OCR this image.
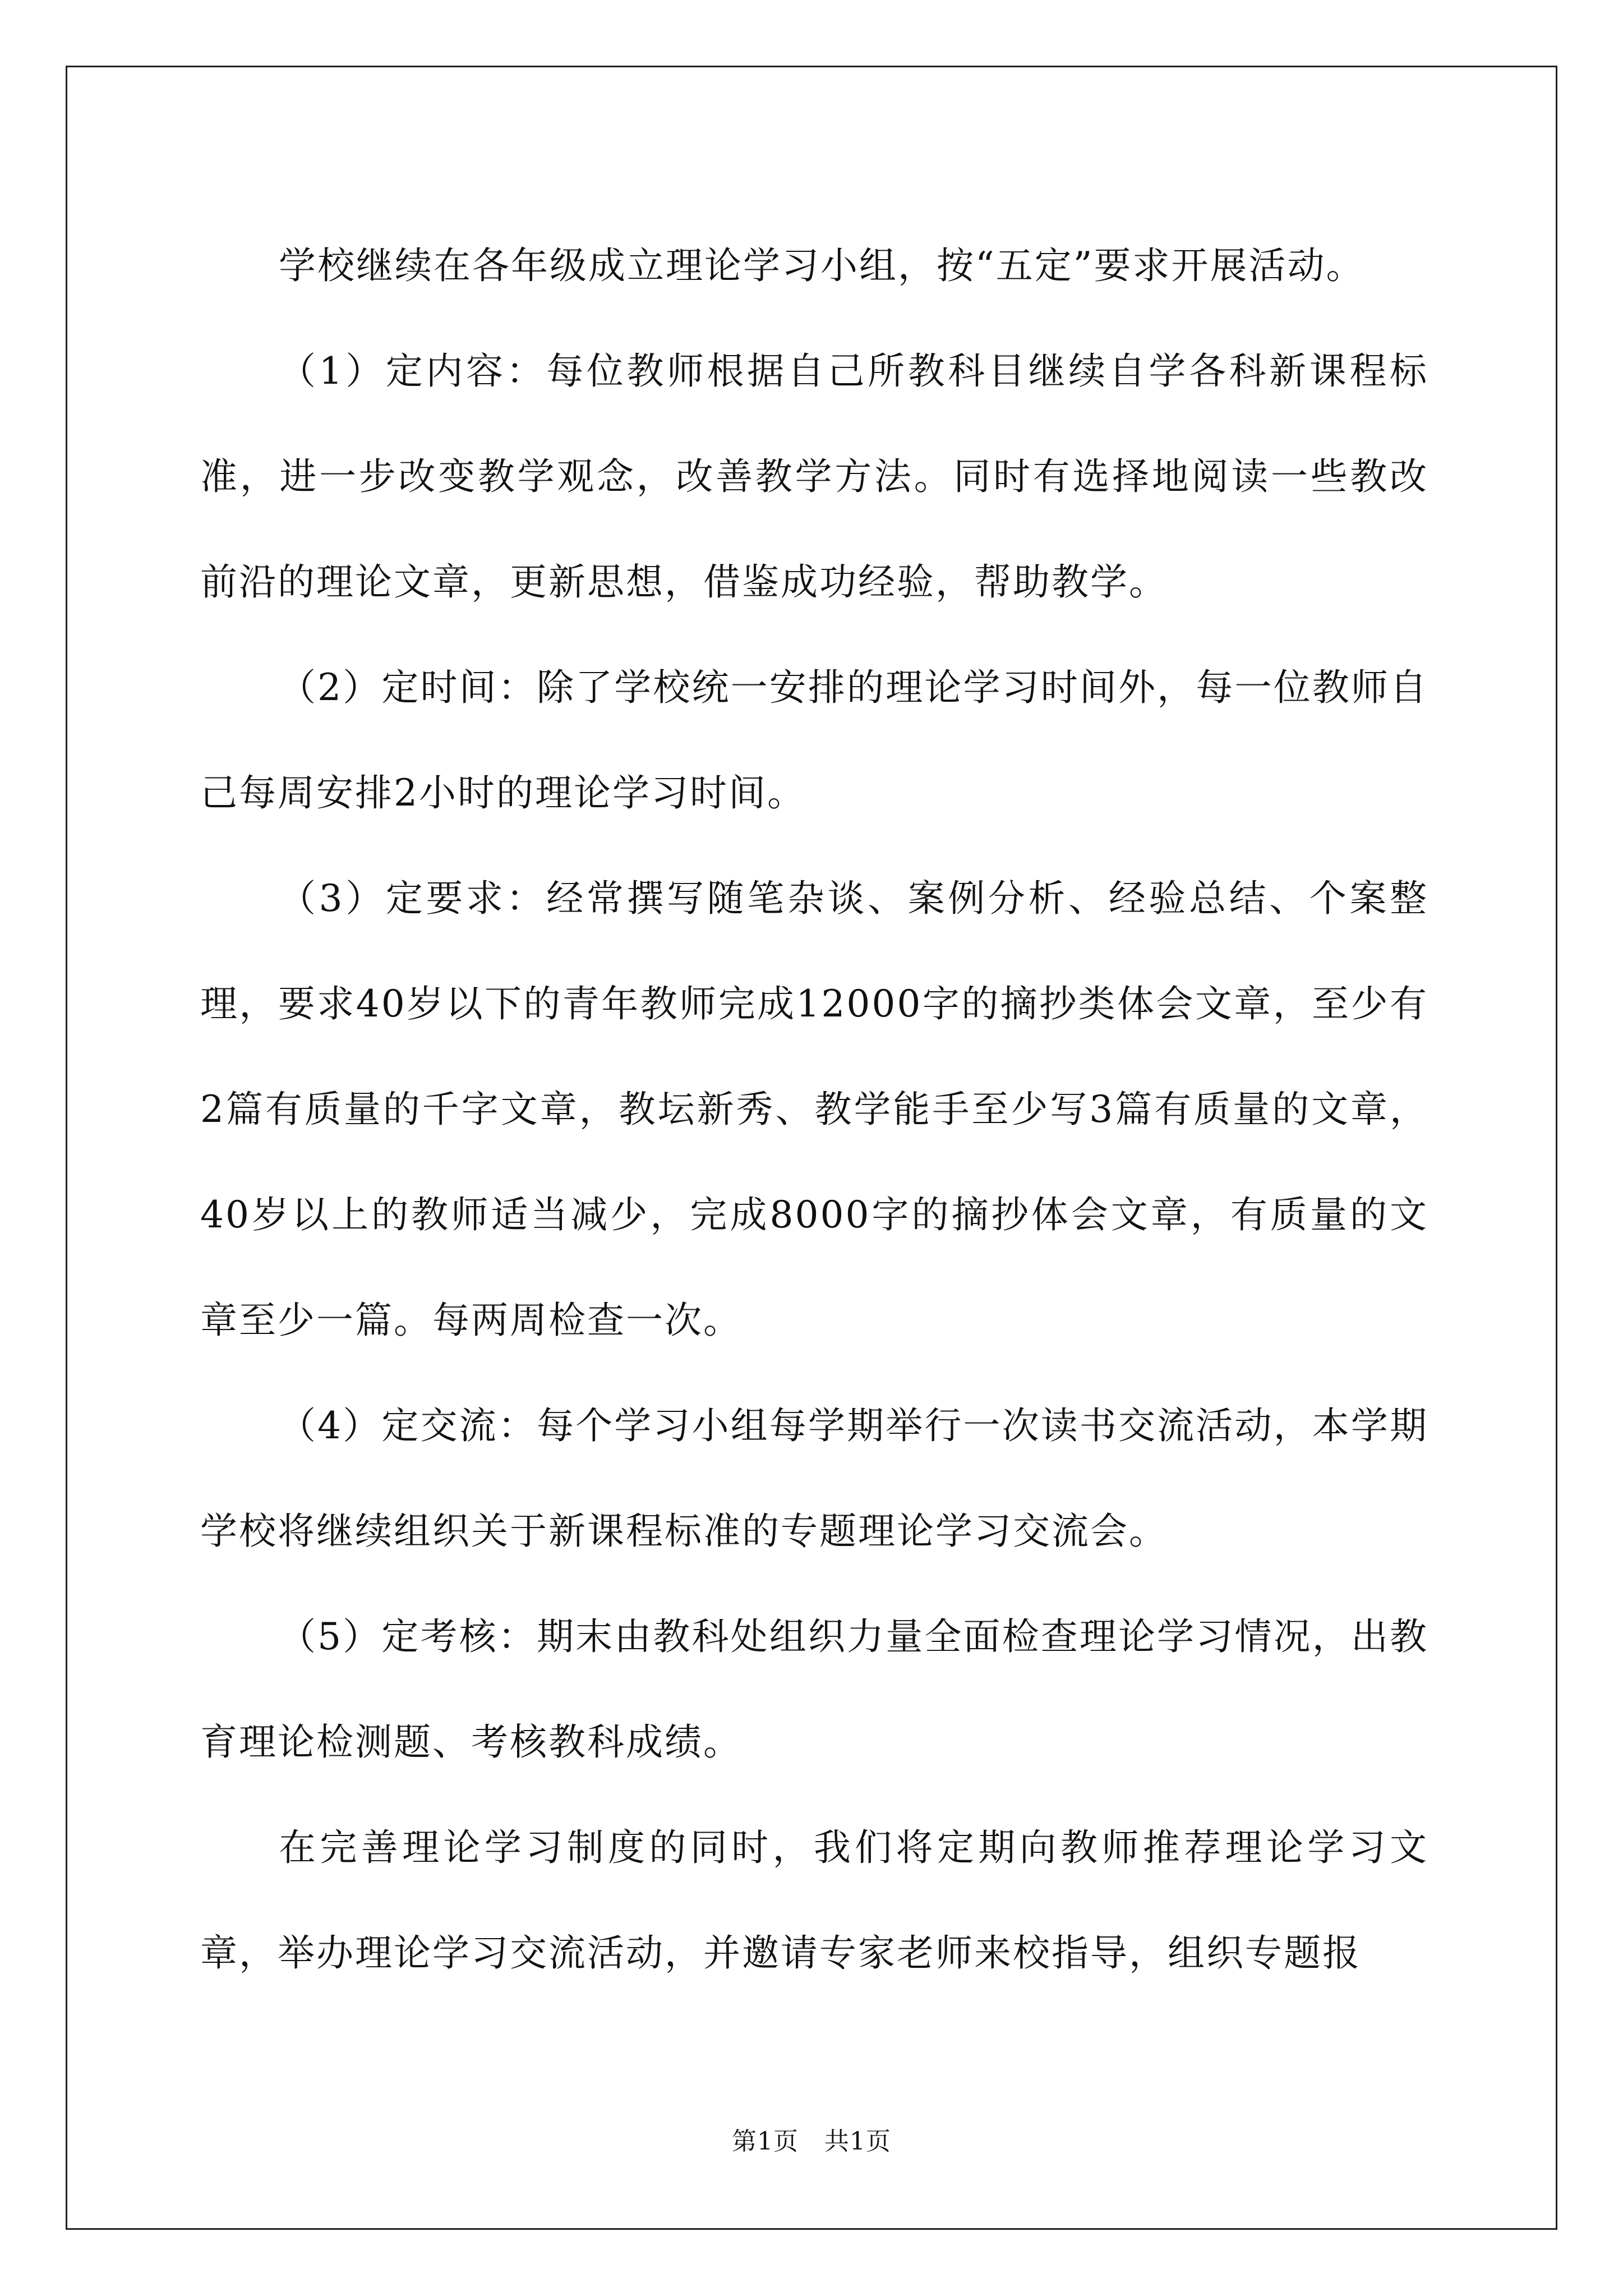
学校继续在各年级成立理论学习小组，按“五定”要求开展活动。

（1）定内容：每位教师根据自己所教科目继续自学各科新课程标准，进一步改变教学观念，改善教学方法。同时有选择地阅读一些教改前沿的理论文章，更新思想，借鉴成功经验，帮助教学。

（2）定时间：除了学校统一安排的理论学习时间外，每一位教师自己每周安排2小时的理论学习时间。

（3）定要求：经常撰写随笔杂谈、案例分析、经验总结、个案整理，要求40岁以下的青年教师完成12000字的摘抄类体会文章，至少有2篇有质量的千字文章，教坛新秀、教学能手至少写3篇有质量的文章，40岁以上的教师适当减少，完成8000字的摘抄体会文章，有质量的文章至少一篇。每两周检查一次。

（4）定交流：每个学习小组每学期举行一次读书交流活动，本学期学校将继续组织关于新课程标准的专题理论学习交流会。

（5）定考核：期末由教科处组织力量全面检查理论学习情况，出教育理论检测题、考核教科成绩。

在完善理论学习制度的同时，我们将定期向教师推荐理论学习文章，举办理论学习交流活动，并邀请专家老师来校指导，组织专题报

第1页 共1页
